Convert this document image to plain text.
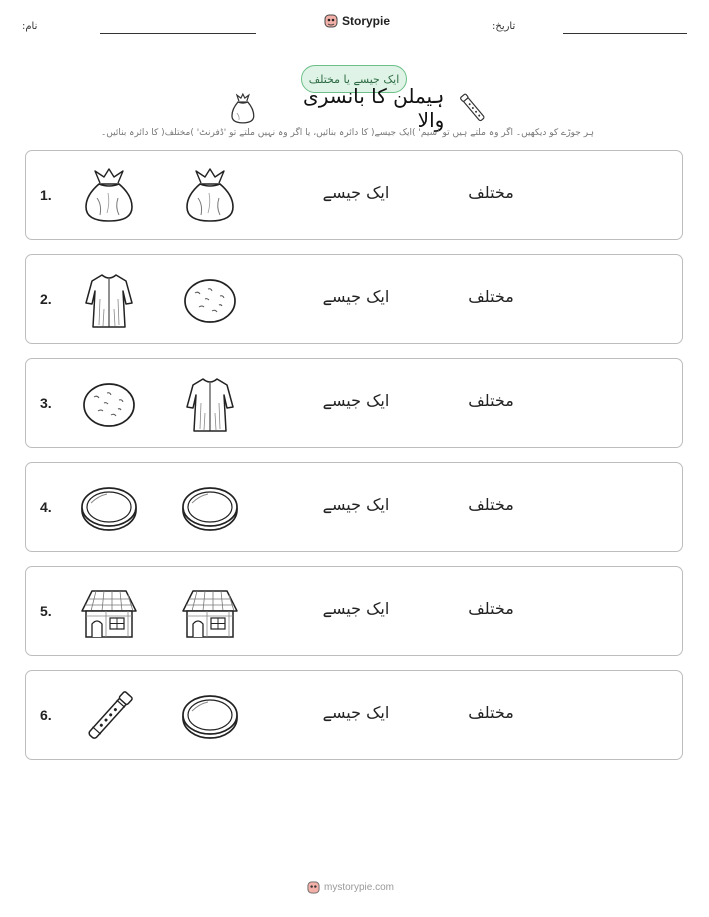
نام:	Storypie	تاریخ:
ایک جیسے یا مختلف
ہیملن کا بانسری والا
ہر جوڑے کو دیکھیں۔ اگر وہ ملتے ہیں تو 'سیم' )ایک جیسے( کا دائرہ بنائیں، یا اگر وہ نہیں ملتے تو 'ڈفرنٹ' )مختلف( کا دائرہ بنائیں۔
1.	ایک جیسے	مختلف
2.	ایک جیسے	مختلف
3.	ایک جیسے	مختلف
4.	ایک جیسے	مختلف
5.	ایک جیسے	مختلف
6.	ایک جیسے	مختلف
mystorypie.com
